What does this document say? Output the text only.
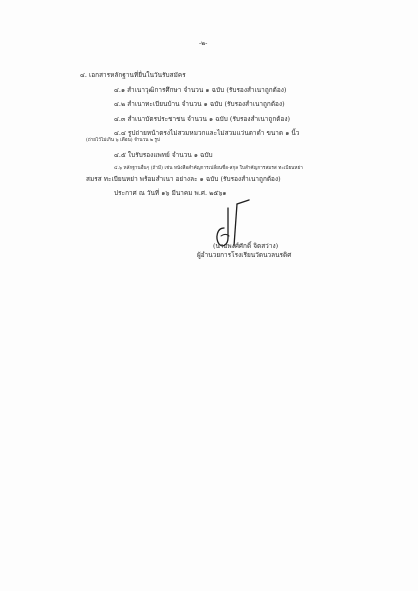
-๒-
๔. เอกสารหลักฐานที่ยื่นในวันรับสมัคร
๔.๑ สำเนาวุฒิการศึกษา จำนวน ๑ ฉบับ (รับรองสำเนาถูกต้อง)
๔.๒ สำเนาทะเบียนบ้าน จำนวน ๑ ฉบับ (รับรองสำเนาถูกต้อง)
๔.๓ สำเนาบัตรประชาชน จำนวน ๑ ฉบับ (รับรองสำเนาถูกต้อง)
๔.๔ รูปถ่ายหน้าตรงไม่สวมหมวกและไม่สวมแว่นตาดำ ขนาด ๑ นิ้ว
(ถ่ายไว้ไม่เกิน ๖ เดือน) จำนวน ๒ รูป
๔.๕ ใบรับรองแพทย์ จำนวน ๑ ฉบับ
๔.๖ หลักฐานอื่นๆ (ถ้ามี) เช่น หนังสือสำคัญการเปลี่ยนชื่อ-สกุล ใบสำคัญการสมรส ทะเบียนหย่า
สมรส ทะเบียนหย่า พร้อมสำเนา อย่างละ ๑ ฉบับ (รับรองสำเนาถูกต้อง)
ประกาศ ณ วันที่ ๑๖ มีนาคม พ.ศ. ๒๕๖๑
(นายพงศ์ศักดิ์ จิตสว่าง)
ผู้อำนวยการโรงเรียนวัดนวลนรดิศ
